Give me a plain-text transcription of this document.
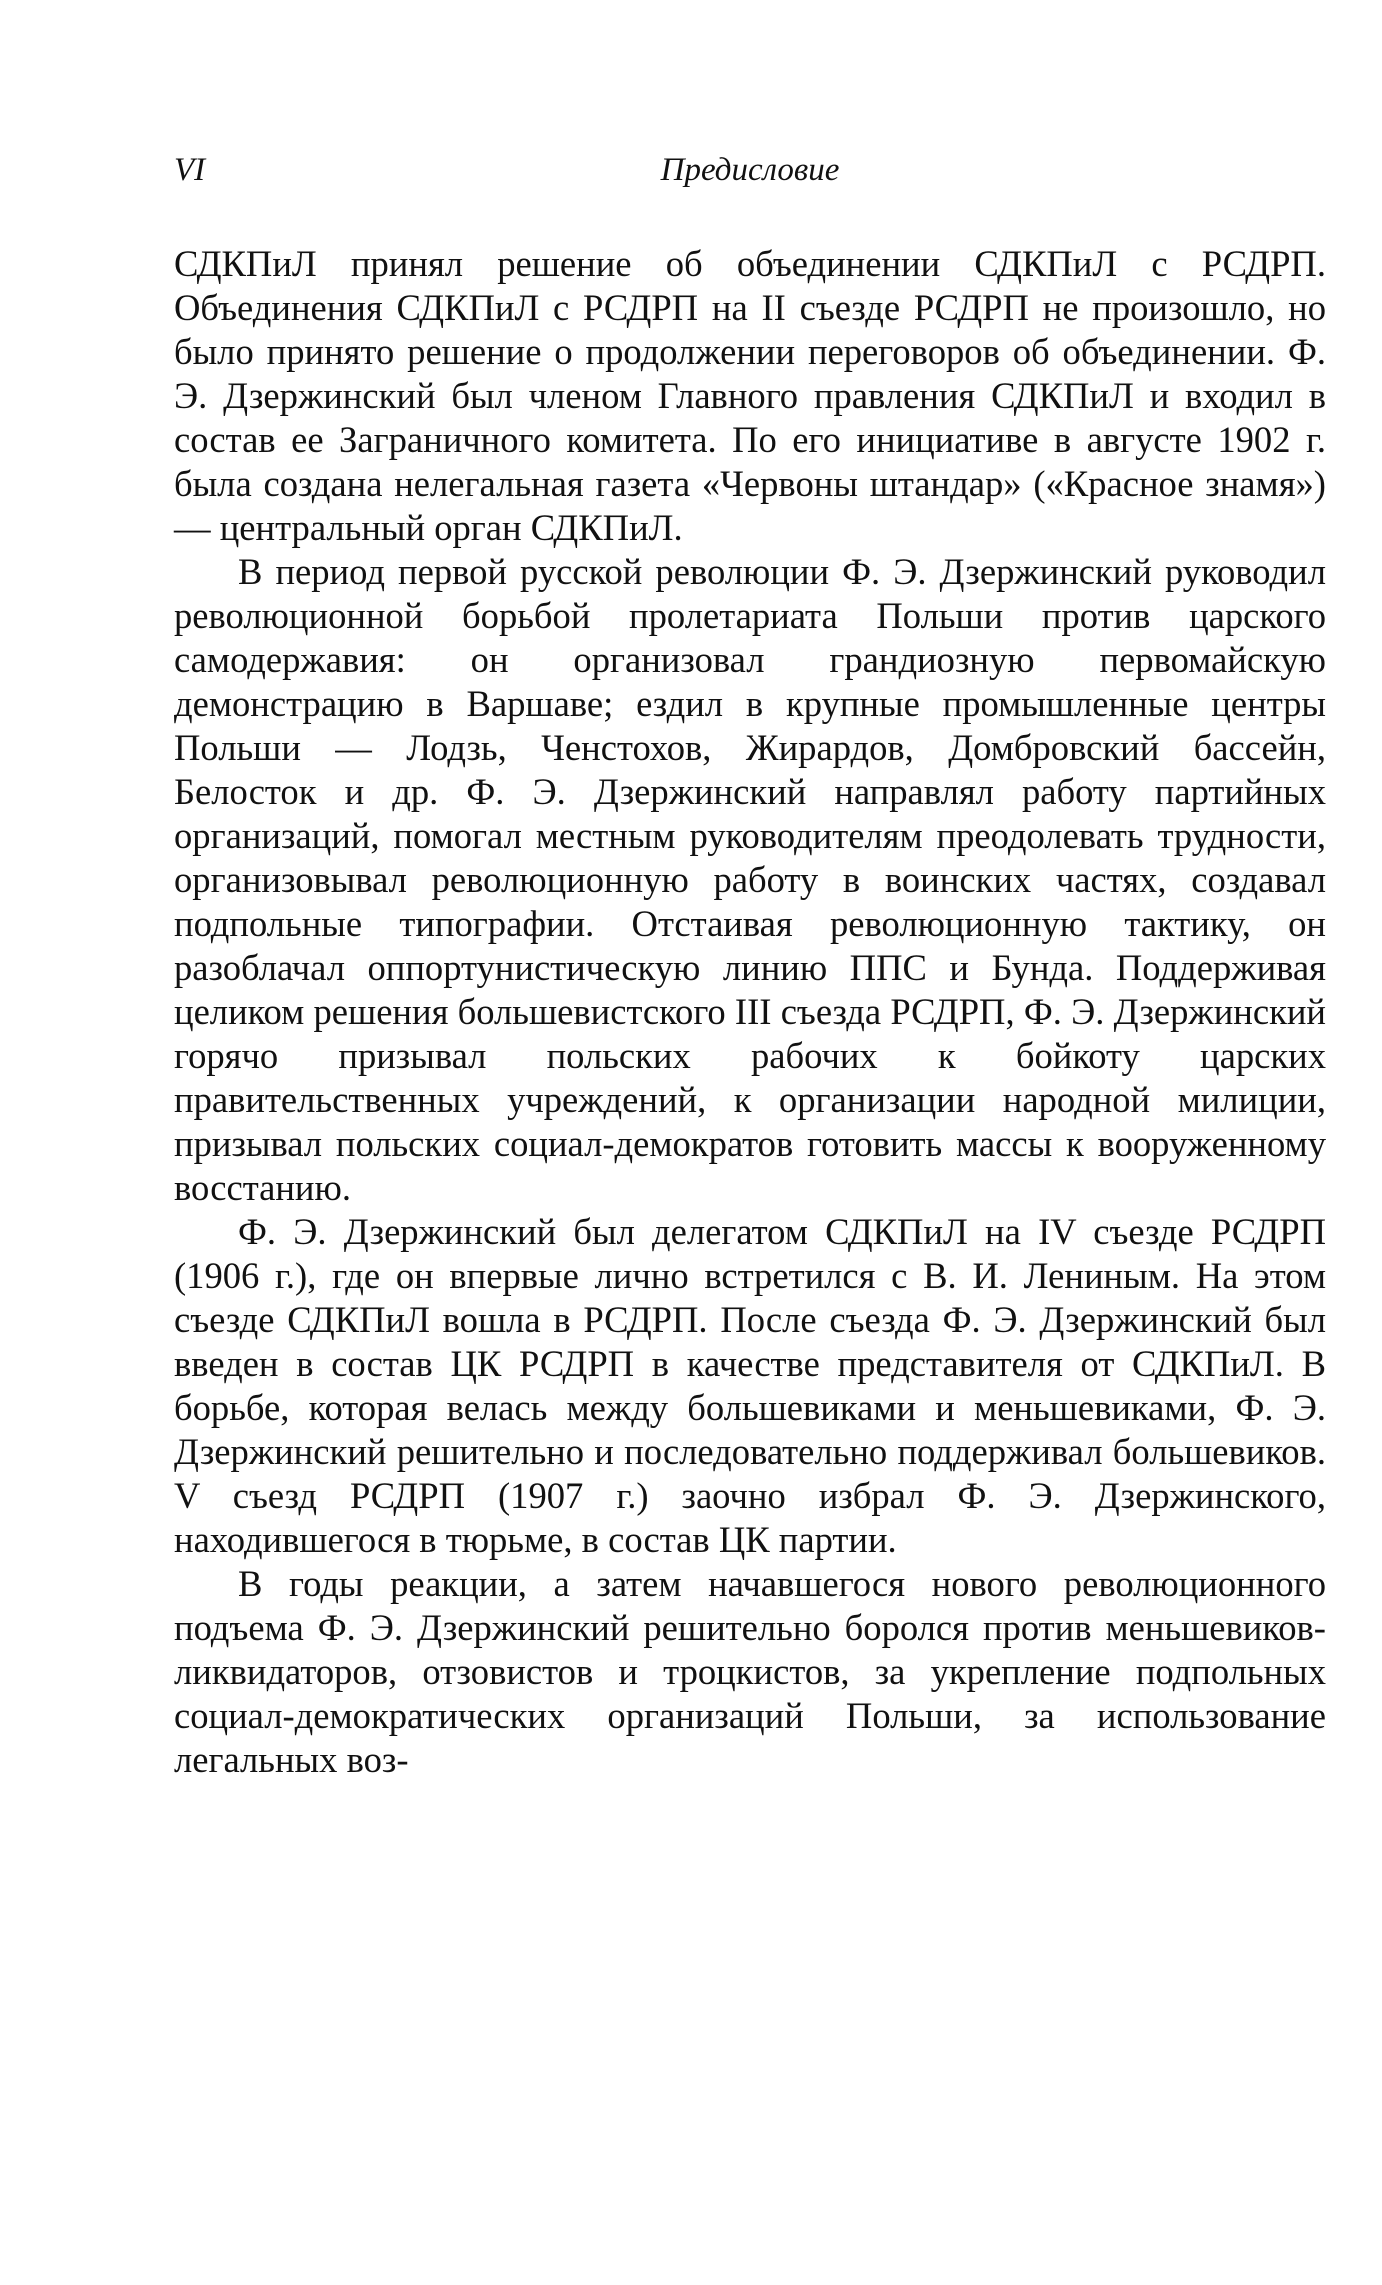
VI	Предисловие

СДКПиЛ принял решение об объединении СДКПиЛ с РСДРП. Объединения СДКПиЛ с РСДРП на II съезде РСДРП не произошло, но было принято решение о продолжении переговоров об объединении. Ф. Э. Дзержинский был членом Главного правления СДКПиЛ и входил в состав ее Заграничного комитета. По его инициативе в августе 1902 г. была создана нелегальная газета «Червоны штандар» («Красное знамя») — центральный орган СДКПиЛ.

В период первой русской революции Ф. Э. Дзержинский руководил революционной борьбой пролетариата Польши против царского самодержавия: он организовал грандиозную первомайскую демонстрацию в Варшаве; ездил в крупные промышленные центры Польши — Лодзь, Ченстохов, Жирардов, Домбровский бассейн, Белосток и др. Ф. Э. Дзержинский направлял работу партийных организаций, помогал местным руководителям преодолевать трудности, организовывал революционную работу в воинских частях, создавал подпольные типографии. Отстаивая революционную тактику, он разоблачал оппортунистическую линию ППС и Бунда. Поддерживая целиком решения большевистского III съезда РСДРП, Ф. Э. Дзержинский горячо призывал польских рабочих к бойкоту царских правительственных учреждений, к организации народной милиции, призывал польских социал-демократов готовить массы к вооруженному восстанию.

Ф. Э. Дзержинский был делегатом СДКПиЛ на IV съезде РСДРП (1906 г.), где он впервые лично встретился с В. И. Лениным. На этом съезде СДКПиЛ вошла в РСДРП. После съезда Ф. Э. Дзержинский был введен в состав ЦК РСДРП в качестве представителя от СДКПиЛ. В борьбе, которая велась между большевиками и меньшевиками, Ф. Э. Дзержинский решительно и последовательно поддерживал большевиков. V съезд РСДРП (1907 г.) заочно избрал Ф. Э. Дзержинского, находившегося в тюрьме, в состав ЦК партии.

В годы реакции, а затем начавшегося нового революционного подъема Ф. Э. Дзержинский решительно боролся против меньшевиков-ликвидаторов, отзовистов и троцкистов, за укрепление подпольных социал-демократических организаций Польши, за использование легальных воз-
